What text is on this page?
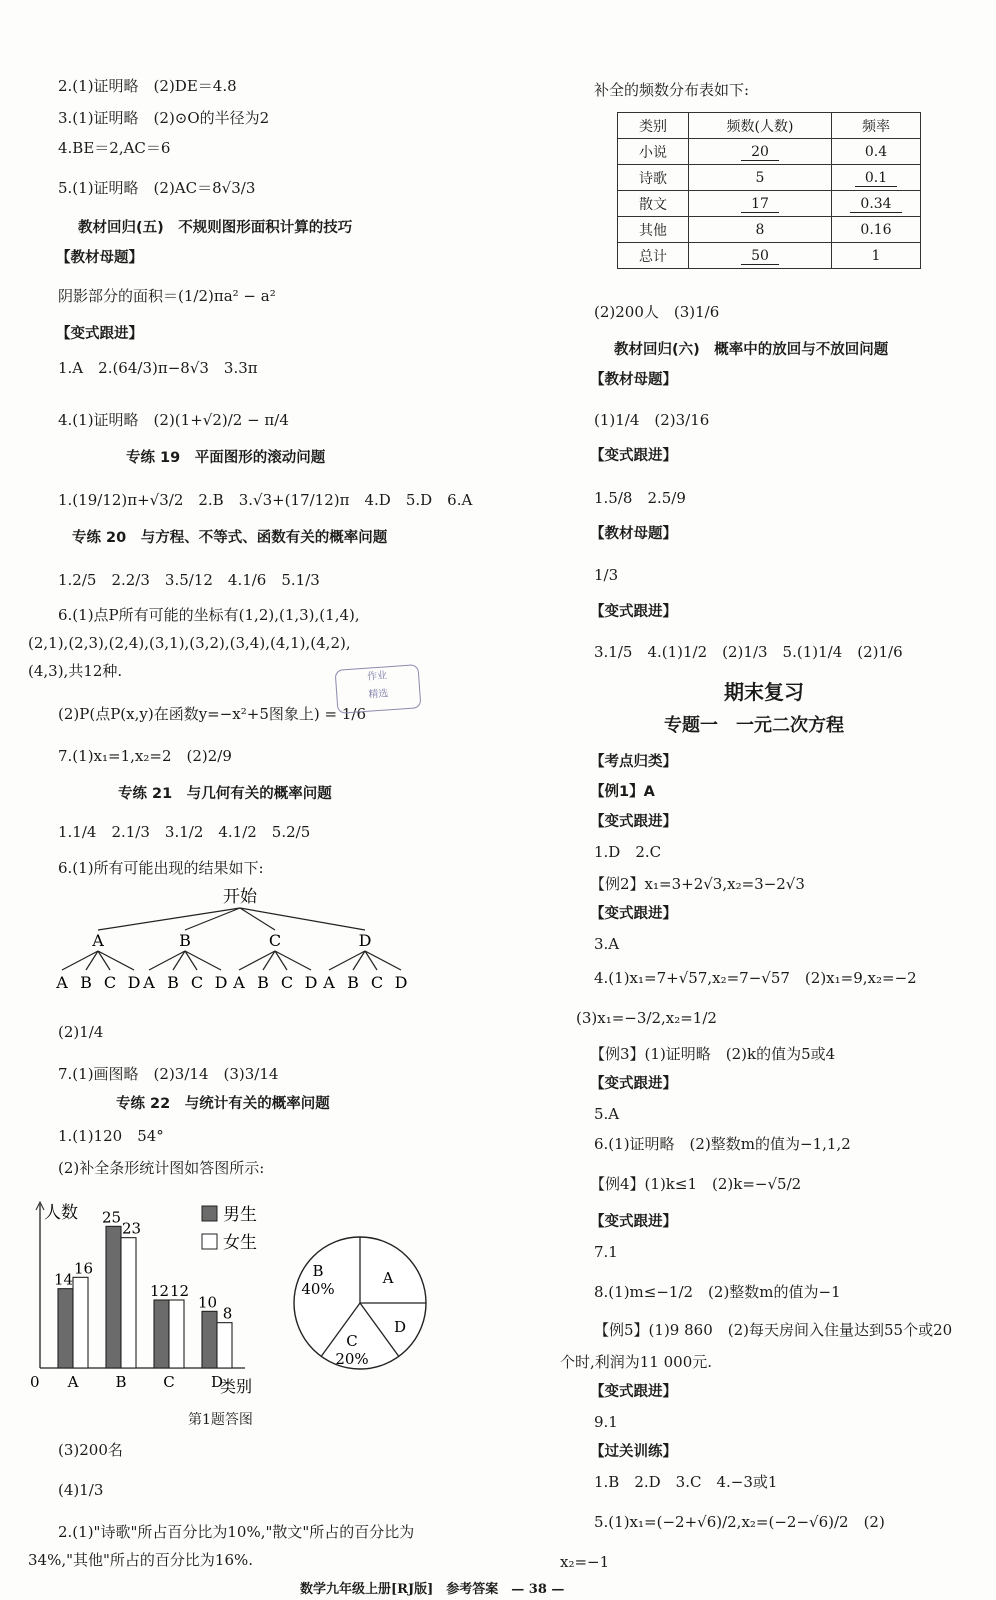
2.(1)证明略　(2)DE＝4.8
3.(1)证明略　(2)⊙O的半径为2
4.BE＝2,AC＝6
5.(1)证明略　(2)AC＝8√3/3
教材回归(五)　不规则图形面积计算的技巧
【教材母题】
阴影部分的面积＝(1/2)πa² − a²
【变式跟进】
1.A　2.(64/3)π−8√3　3.3π
4.(1)证明略　(2)(1+√2)/2 − π/4
专练 19　平面图形的滚动问题
1.(19/12)π+√3/2　2.B　3.√3+(17/12)π　4.D　5.D　6.A
专练 20　与方程、不等式、函数有关的概率问题
1.2/5　2.2/3　3.5/12　4.1/6　5.1/3
6.(1)点P所有可能的坐标有(1,2),(1,3),(1,4),
(2,1),(2,3),(2,4),(3,1),(3,2),(3,4),(4,1),(4,2),
(4,3),共12种.
(2)P(点P(x,y)在函数y=−x²+5图象上) = 1/6
7.(1)x₁=1,x₂=2　(2)2/9
作业
精选
专练 21　与几何有关的概率问题
1.1/4　2.1/3　3.1/2　4.1/2　5.2/5
6.(1)所有可能出现的结果如下:
开始
A
A B C D
B
A B C D
C
A B C D
D
A B C D
(2)1/4
7.(1)画图略　(2)3/14　(3)3/14
专练 22　与统计有关的概率问题
1.(1)120　54°
(2)补全条形统计图如答图所示:
人数
类别
0 A
14
16
B
25
23
C
12 12
D
10
8
男生
女生
A
B
40%
C
20%
D
第1题答图
(3)200名
(4)1/3
2.(1)"诗歌"所占百分比为10%,"散文"所占的百分比为
34%,"其他"所占的百分比为16%.
补全的频数分布表如下:
类别	频数(人数)	频率
小说	20	0.4
诗歌	5	0.1
散文	17	0.34
其他	8	0.16
总计	50	1
(2)200人　(3)1/6
教材回归(六)　概率中的放回与不放回问题
【教材母题】
(1)1/4　(2)3/16
【变式跟进】
1.5/8　2.5/9
【教材母题】
1/3
【变式跟进】
3.1/5　4.(1)1/2　(2)1/3　5.(1)1/4　(2)1/6
期末复习
专题一　一元二次方程
【考点归类】
【例1】A
【变式跟进】
1.D　2.C
【例2】x₁=3+2√3,x₂=3−2√3
【变式跟进】
3.A
4.(1)x₁=7+√57,x₂=7−√57　(2)x₁=9,x₂=−2
(3)x₁=−3/2,x₂=1/2
【例3】(1)证明略　(2)k的值为5或4
【变式跟进】
5.A
6.(1)证明略　(2)整数m的值为−1,1,2
【例4】(1)k≤1　(2)k=−√5/2
【变式跟进】
7.1
8.(1)m≤−1/2　(2)整数m的值为−1
【例5】(1)9 860　(2)每天房间入住量达到55个或20
个时,利润为11 000元.
【变式跟进】
9.1
【过关训练】
1.B　2.D　3.C　4.−3或1
5.(1)x₁=(−2+√6)/2,x₂=(−2−√6)/2　(2)
x₂=−1
数学九年级上册[RJ版]　参考答案　— 38 —
